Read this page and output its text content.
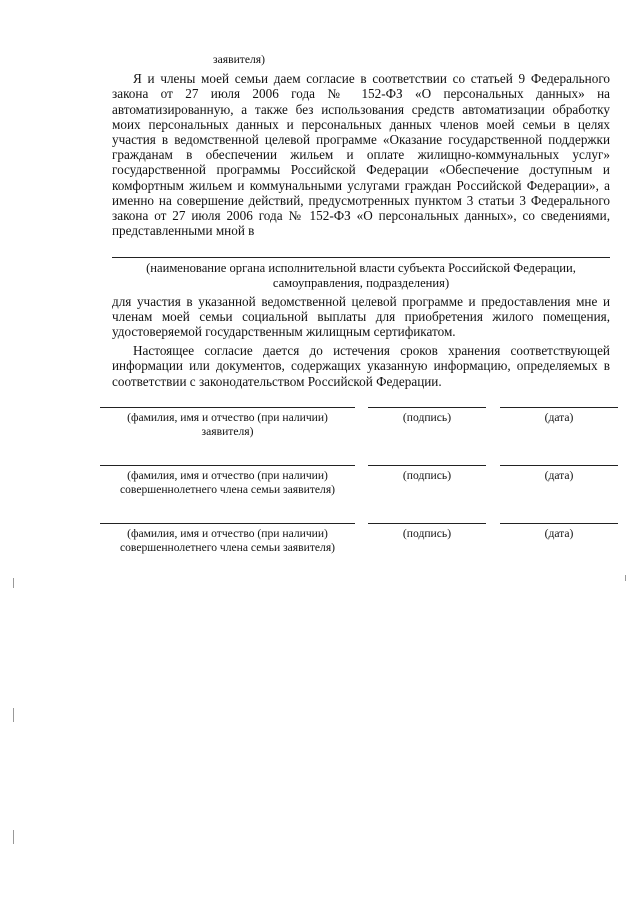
заявителя)
Я и члены моей семьи даем согласие в соответствии со статьей 9 Федерального
закона от 27 июля 2006 года № 152-ФЗ «О персональных данных» на
автоматизированную, а также без использования средств автоматизации обработку
моих персональных данных и персональных данных членов моей семьи в целях
участия в ведомственной целевой программе «Оказание государственной поддержки
гражданам в обеспечении жильем и оплате жилищно-коммунальных услуг»
государственной программы Российской Федерации «Обеспечение доступным и
комфортным жильем и коммунальными услугами граждан Российской Федерации», а
именно на совершение действий, предусмотренных пунктом 3 статьи 3 Федерального
закона от 27 июля 2006 года № 152-ФЗ «О персональных данных», со сведениями,
представленными мной в
(наименование органа исполнительной власти субъекта Российской Федерации,
самоуправления, подразделения)
для участия в указанной ведомственной целевой программе и предоставления мне и
членам моей семьи социальной выплаты для приобретения жилого помещения,
удостоверяемой государственным жилищным сертификатом.
Настоящее согласие дается до истечения сроков хранения соответствующей
информации или документов, содержащих указанную информацию, определяемых в
соответствии с законодательством Российской Федерации.
(фамилия, имя и отчество (при наличии)
заявителя)
(подпись)	(дата)
(фамилия, имя и отчество (при наличии)
совершеннолетнего члена семьи заявителя)
(подпись)	(дата)
(фамилия, имя и отчество (при наличии)
совершеннолетнего члена семьи заявителя)
(подпись)	(дата)
